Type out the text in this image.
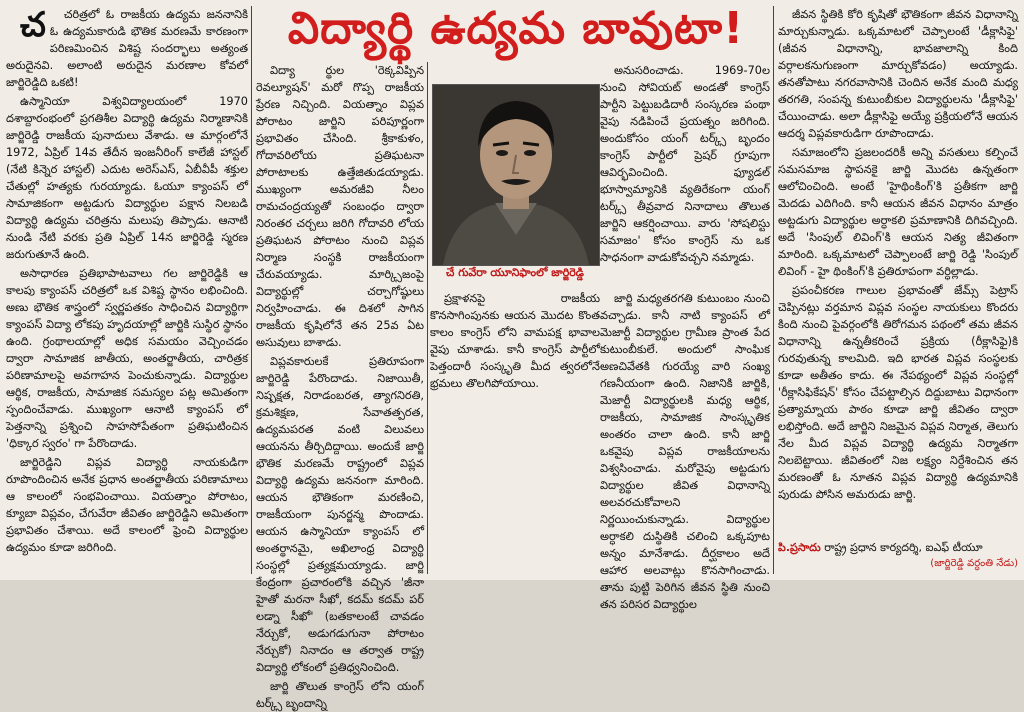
చ చరిత్రలో ఓ రాజకీయ ఉద్యమ జననానికి ఓ ఉద్యమకారుడి భౌతిక మరణమే కారణంగా పరిణమించిన విశిష్ట సందర్భాలు అత్యంత అరుదైనవి. అలాంటి అరుదైన మరణాల కోవలో జార్జిరెడ్డిది ఒకటి!

ఉస్మానియా విశ్వవిద్యాలయంలో 1970 దశాబ్దారంభంలో ప్రగతిశీల విద్యార్థి ఉద్యమ నిర్మాణానికి జార్జిరెడ్డి రాజకీయ పునాదులు వేశాడు. ఆ మార్గంలోనే 1972, ఏప్రిల్ 14వ తేదీన ఇంజనీరింగ్ కాలేజీ హాస్టల్ (నేటి కిన్నెర హాస్టల్) ఎదుట అరెస్ఎస్, ఏబీవీపీ శక్తుల చేతుల్లో హత్యకు గురయ్యాడు. ఓయూ క్యాంపస్ లో సామాజికంగా అట్టడుగు విద్యార్థుల పక్షాన నిలబడి విద్యార్థి ఉద్యమ చరిత్రను మలుపు తిప్పాడు. ఆనాటి నుండి నేటి వరకు ప్రతి ఏప్రిల్ 14న జార్జిరెడ్డి స్మరణ జరుగుతూనే ఉంది.

అసాధారణ ప్రతిభాపాటవాలు గల జార్జిరెడ్డికి ఆ కాలపు క్యాంపస్ చరిత్రలో ఒక విశిష్ట స్థానం లభించింది. అణు భౌతిక శాస్త్రంలో స్వర్ణపతకం సాధించిన విద్యార్థిగా క్యాంపస్ విద్యా లోకపు హృదయాల్లో జార్జికి సుస్థిర స్థానం ఉంది. గ్రంథాలయాల్లో అధిక సమయం వెచ్చించడం ద్వారా సామాజిక జాతీయ, అంతర్జాతీయ, చారిత్రక పరిణామాలపై అవగాహన పెంచుకున్నాడు. విద్యార్థుల ఆర్థిక, రాజకీయ, సామాజిక సమస్యల పట్ల అమితంగా స్పందించేవాడు. ముఖ్యంగా ఆనాటి క్యాంపస్ లో పెత్తనాన్ని ప్రశ్నించి సాహసోపేతంగా ప్రతిఘటించిన 'ధిక్కార స్వరం' గా పేరొందాడు.

జార్జిరెడ్డిని విప్లవ విద్యార్థి నాయకుడిగా రూపొందించిన అనేక ప్రధాన అంతర్జాతీయ పరిణామాలు ఆ కాలంలో సంభవించాయి. వియత్నాం పోరాటం, క్యూబా విప్లవం, చేగువేరా జీవితం జార్జిరెడ్డిని అమితంగా ప్రభావితం చేశాయి. అదే కాలంలో ఫ్రెంచి విద్యార్థుల ఉద్యమం కూడా జరిగింది.

విద్యార్థి ఉద్యమ బావుటా!

విద్యా ర్థుల 'రెక్కవిప్పిన రెవల్యూషన్' మరో గొప్ప రాజకీయ ప్రేరణ నిచ్చింది. వియత్నాం విప్లవ పోరాటం జార్జిని పరిపూర్ణంగా ప్రభావితం చేసింది. శ్రీకాకుళం, గోదావరిలోయ ప్రతిఘటనా పోరాటాలకు ఉత్తేజితుడయ్యాడు. ముఖ్యంగా అమరజీవి నీలం రామచంద్రయ్యతో సంబంధం ద్వారా నిరంతర చర్చలు జరిగి గోదావరి లోయ ప్రతిఘటన పోరాటం నుంచి విప్లవ నిర్మాణ సంస్థకి రాజకీయంగా చేరువయ్యాడు. మార్క్సిజంపై విద్యార్థుల్లో చర్చాగోష్ఠులు నిర్వహించాడు. ఈ దిశలో సాగిన రాజకీయ కృషిలోనే తన 25వ ఏట అసువులు బాశాడు.

విప్లవకారులకే ప్రతిరూపంగా జార్జిరెడ్డి పేరొందాడు. నిజాయితీ, నిష్పక్షత, నిరాడంబరత, త్యాగనిరతి, క్రమశిక్షణ, సేవాతత్పరత, ఉద్యమపరత వంటి విలువలు ఆయనను తీర్చిదిద్దాయి. అందుకే జార్జి భౌతిక మరణమే రాష్ట్రంలో విప్లవ విద్యార్థి ఉద్యమ జననంగా మారింది. ఆయన భౌతికంగా మరణించి, రాజకీయంగా పునర్జన్మ పొందాడు. ఆయన ఉస్మానియా క్యాంపస్ లో అంతర్థానమై, అఖిలాంధ్ర విద్యార్థి సంస్థల్లో ప్రత్యక్షమయ్యాడు. జార్జి కేంద్రంగా ప్రచారంలోకి వచ్చిన 'జీనా హైతో మరనా సీఖో, కదమ్ కదమ్ పర్ లడ్నా సీఖో' (బతకాలంటే చావడం నేర్చుకో, అడుగడుగునా పోరాటం నేర్చుకో) నినాదం ఆ తర్వాత రాష్ట్ర విద్యార్థి లోకంలో ప్రతిధ్వనించింది.

జార్జి తొలుత కాంగ్రెస్ లోని యంగ్ టర్క్స్ బృందాన్ని

చే గువేరా యూనిఫాంలో జార్జిరెడ్డి

అనుసరించాడు. 1969-70ల నుంచి సోవియట్ అండతో కాంగ్రెస్ పార్టీని పెట్టుబడిదారీ సంస్కరణ పంథా వైపు నడిపించే ప్రయత్నం జరిగింది. అందుకోసం యంగ్ టర్క్స్ బృందం కాంగ్రెస్ పార్టీలో ప్రెషర్ గ్రూపుగా ఆవిర్భవించింది. ఫ్యూడల్ భూస్వామ్యానికి వ్యతిరేకంగా యంగ్ టర్క్స్ తీవ్రవాద నినాదాలు తొలుత జార్జిని ఆకర్షించాయి. వారు 'సోషలిస్టు సమాజం' కోసం కాంగ్రెస్ ను ఒక సాధనంగా వాడుకోవచ్చని నమ్మాడు.

ప్రక్షాళనపై రాజకీయ కొనసాగింపునకు ఆయన మొదట కొంత కాలం కాంగ్రెస్ లోని వామపక్ష భావాల వైపు చూశాడు. కానీ కాంగ్రెస్ పార్టీలో పెత్తందారీ సంస్కృతి మీద త్వరలోనే భ్రమలు తొలగిపోయాయి.

జార్జి మధ్యతరగతి కుటుంబం నుంచి వచ్చాడు. కానీ నాటి క్యాంపస్ లో మెజార్టీ విద్యార్థుల గ్రామీణ ప్రాంత పేద కుటుంబీకులే. అందులో సాంఘిక అణచివేతకి గురయ్యే వారి సంఖ్య గణనీయంగా ఉంది. నిజానికి జార్జికి, మెజార్టీ విద్యార్థులకి మధ్య ఆర్థిక, రాజకీయ, సామాజిక సాంస్కృతిక అంతరం చాలా ఉంది. కానీ జార్జి ఒకవైపు విప్లవ రాజకీయాలను విశ్వసించాడు. మరోవైపు అట్టడుగు విద్యార్థుల జీవిత విధానాన్ని అలవరచుకోవాలని నిర్ణయించుకున్నాడు. విద్యార్థుల అర్ధాకలి దుస్థితికి చలించి ఒక్కపూట అన్నం మానేశాడు. దీర్ఘకాలం అదే ఆహార అలవాట్లు కొనసాగించాడు. తాను పుట్టి పెరిగిన జీవన స్థితి నుంచి తన పరిసర విద్యార్థుల

జీవన స్థితికి కోరి కృషితో భౌతికంగా జీవన విధానాన్ని మార్చుకున్నాడు. ఒక్కమాటలో చెప్పాలంటే 'డీక్లాసిఫై' (జీవన విధానాన్ని, భావజాలాన్ని కింది వర్గాలకనుగుణంగా మార్చుకోవడం) అయ్యాడు. తనతోపాటు నగరవాసానికి చెందిన అనేక మంది మధ్య తరగతి, సంపన్న కుటుంబీకుల విద్యార్థులను 'డీక్లాసిఫై' చేయించాడు. అలా డీక్లాసిఫై అయ్యే ప్రక్రియలోనే ఆయన ఆదర్శ విప్లవకారుడిగా రూపొందాడు.

సమాజంలోని ప్రజలందరికీ అన్ని వసతులు కల్పించే సమసమాజ స్థాపనకై జార్జి మొదట ఉన్నతంగా ఆలోచించింది. అంటే 'హైథింకింగ్'కి ప్రతీకగా జార్జి మెదడు ఎదిగింది. కానీ ఆయన జీవన విధానం మాత్రం అట్టడుగు విద్యార్థుల అర్ధాకలి ప్రమాణానికి దిగివచ్చింది. అదే 'సింపుల్ లివింగ్'కి ఆయన నిత్య జీవితంగా మారింది. ఒక్కమాటలో చెప్పాలంటే జార్జి రెడ్డి 'సింపుల్ లివింగ్ - హై థింకింగ్'కి ప్రతిరూపంగా వర్ధిల్లాడు.

ప్రపంచీకరణ గాలుల ప్రభావంతో జేమ్స్ పెట్రాస్ చెప్పినట్లు వర్తమాన విప్లవ సంస్థల నాయకులు కొందరు కింది నుంచి పైవర్గంలోకి తిరోగమన పథంలో తమ జీవన విధానాన్ని ఉన్నతీకరించే ప్రక్రియ (రీక్లాసిఫై)కి గురవుతున్న కాలమిది. ఇది భారత విప్లవ సంస్థలకు కూడా అతీతం కాదు. ఈ నేపథ్యంలో విప్లవ సంస్థల్లో 'రీక్లాసిఫికేషన్' కోసం చేపట్టాల్సిన దిద్దుబాటు విధానంగా ప్రత్యామ్నాయ పాఠం కూడా జార్జి జీవితం ద్వారా లభిస్తోంది. అదే జార్జిని నిజమైన విప్లవ నిర్మాత, తెలుగు నేల మీద విప్లవ విద్యార్థి ఉద్యమ నిర్మాతగా నిలబెట్టాయి. జీవితంలో నిజ లక్ష్యం నిర్దేశించిన తన మరణంతో ఓ నూతన విప్లవ విద్యార్థి ఉద్యమానికి పురుడు పోసిన అమరుడు జార్జి.

పి.ప్రసాదు రాష్ట్ర ప్రధాన కార్యదర్శి, ఐఎఫ్ టీయూ
(జార్జిరెడ్డి వర్ధంతి నేడు)
